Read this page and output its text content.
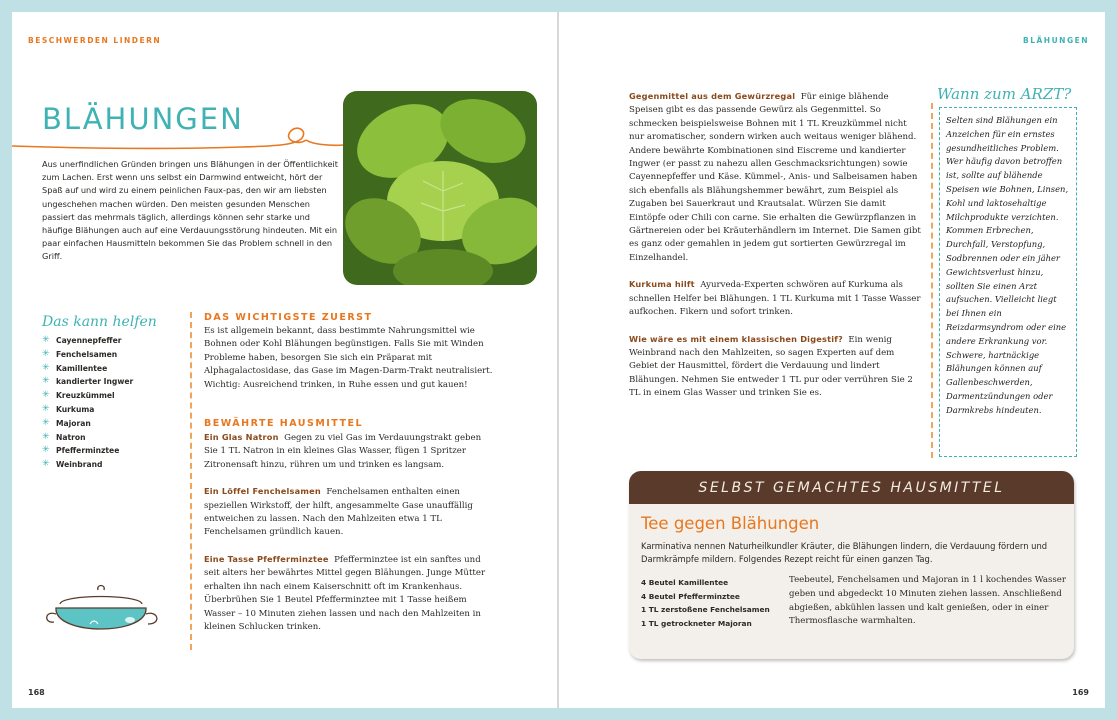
BESCHWERDEN LINDERN
BLÄHUNGEN
Aus unerfindlichen Gründen bringen uns Blähungen in der Öffentlichkeit zum Lachen. Erst wenn uns selbst ein Darmwind entweicht, hört der Spaß auf und wird zu einem peinlichen Faux-pas, den wir am liebsten ungeschehen machen würden. Den meisten gesunden Menschen passiert das mehrmals täglich, allerdings können sehr starke und häufige Blähungen auch auf eine Verdauungsstörung hindeuten. Mit ein paar einfachen Hausmitteln bekommen Sie das Problem schnell in den Griff.
Das kann helfen
✳ Cayennepfeffer
✳ Fenchelsamen
✳ Kamillentee
✳ kandierter Ingwer
✳ Kreuzkümmel
✳ Kurkuma
✳ Majoran
✳ Natron
✳ Pfefferminztee
✳ Weinbrand
DAS WICHTIGSTE ZUERST
Es ist allgemein bekannt, dass bestimmte Nahrungsmittel wie Bohnen oder Kohl Blähungen begünstigen. Falls Sie mit Winden Probleme haben, besorgen Sie sich ein Präparat mit Alphagalactosidase, das Gase im Magen-Darm-Trakt neutralisiert. Wichtig: Ausreichend trinken, in Ruhe essen und gut kauen!
BEWÄHRTE HAUSMITTEL
Ein Glas Natron Gegen zu viel Gas im Verdauungstrakt geben Sie 1 TL Natron in ein kleines Glas Wasser, fügen 1 Spritzer Zitronensaft hinzu, rühren um und trinken es langsam.
Ein Löffel Fenchelsamen Fenchelsamen enthalten einen speziellen Wirkstoff, der hilft, angesammelte Gase unauffällig entweichen zu lassen. Nach den Mahlzeiten etwa 1 TL Fenchelsamen gründlich kauen.
Eine Tasse Pfefferminztee Pfefferminztee ist ein sanftes und seit alters her bewährtes Mittel gegen Blähungen. Junge Mütter erhalten ihn nach einem Kaiserschnitt oft im Krankenhaus. Überbrühen Sie 1 Beutel Pfefferminztee mit 1 Tasse heißem Wasser – 10 Minuten ziehen lassen und nach den Mahlzeiten in kleinen Schlucken trinken.
168
BLÄHUNGEN
Gegenmittel aus dem Gewürzregal Für einige blähende Speisen gibt es das passende Gewürz als Gegenmittel. So schmecken beispielsweise Bohnen mit 1 TL Kreuzkümmel nicht nur aromatischer, sondern wirken auch weitaus weniger blähend. Andere bewährte Kombinationen sind Eiscreme und kandierter Ingwer (er passt zu nahezu allen Geschmacksrichtungen) sowie Cayennepfeffer und Käse. Kümmel-, Anis- und Salbeisamen haben sich ebenfalls als Blähungshemmer bewährt, zum Beispiel als Zugaben bei Sauerkraut und Krautsalat. Würzen Sie damit Eintöpfe oder Chili con carne. Sie erhalten die Gewürzpflanzen in Gärtnereien oder bei Kräuterhändlern im Internet. Die Samen gibt es ganz oder gemahlen in jedem gut sortierten Gewürzregal im Einzelhandel.
Kurkuma hilft Ayurveda-Experten schwören auf Kurkuma als schnellen Helfer bei Blähungen. 1 TL Kurkuma mit 1 Tasse Wasser aufkochen. Fikern und sofort trinken.
Wie wäre es mit einem klassischen Digestif? Ein wenig Weinbrand nach den Mahlzeiten, so sagen Experten auf dem Gebiet der Hausmittel, fördert die Verdauung und lindert Blähungen. Nehmen Sie entweder 1 TL pur oder verrühren Sie 2 TL in einem Glas Wasser und trinken Sie es.
Wann zum ARZT?
Selten sind Blähungen ein Anzeichen für ein ernstes gesundheitliches Problem. Wer häufig davon betroffen ist, sollte auf blähende Speisen wie Bohnen, Linsen, Kohl und laktosehaltige Milchprodukte verzichten. Kommen Erbrechen, Durchfall, Verstopfung, Sodbrennen oder ein jäher Gewichtsverlust hinzu, sollten Sie einen Arzt aufsuchen. Vielleicht liegt bei Ihnen ein Reizdarmsyndrom oder eine andere Erkrankung vor. Schwere, hartnäckige Blähungen können auf Gallenbeschwerden, Darmentzündungen oder Darmkrebs hindeuten.
SELBST GEMACHTES HAUSMITTEL
Tee gegen Blähungen
Karminativa nennen Naturheilkundler Kräuter, die Blähungen lindern, die Verdauung fördern und Darmkrämpfe mildern. Folgendes Rezept reicht für einen ganzen Tag.
4 Beutel Kamillentee
4 Beutel Pfefferminztee
1 TL zerstoßene Fenchelsamen
1 TL getrockneter Majoran
Teebeutel, Fenchelsamen und Majoran in 1 l kochendes Wasser geben und abgedeckt 10 Minuten ziehen lassen. Anschließend abgießen, abkühlen lassen und kalt genießen, oder in einer Thermosflasche warmhalten.
169
